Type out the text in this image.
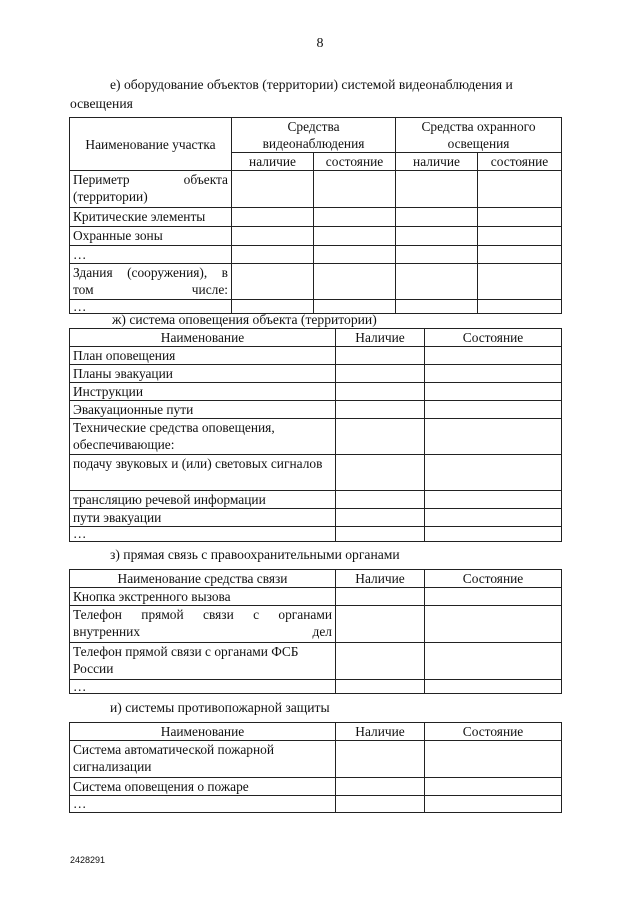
8
е) оборудование объектов (территории) системой видеонаблюдения и
освещения
Наименование участка	Средства видеонаблюдения		Средства охранного освещения	
	наличие	состояние	наличие	состояние
Периметр объекта (территории)				
Критические элементы				
Охранные зоны				
…				
Здания (сооружения), в том числе:				
…				
ж) система оповещения объекта (территории)
Наименование	Наличие	Состояние
План оповещения		
Планы эвакуации		
Инструкции		
Эвакуационные пути		
Технические средства оповещения, обеспечивающие:		
подачу звуковых и (или) световых сигналов		
трансляцию речевой информации		
пути эвакуации		
…		
з) прямая связь с правоохранительными органами
Наименование средства связи	Наличие	Состояние
Кнопка экстренного вызова		
Телефон прямой связи с органами внутренних дел		
Телефон прямой связи с органами ФСБ России		
…		
и) системы противопожарной защиты
Наименование	Наличие	Состояние
Система автоматической пожарной сигнализации		
Система оповещения о пожаре		
…		
2428291
